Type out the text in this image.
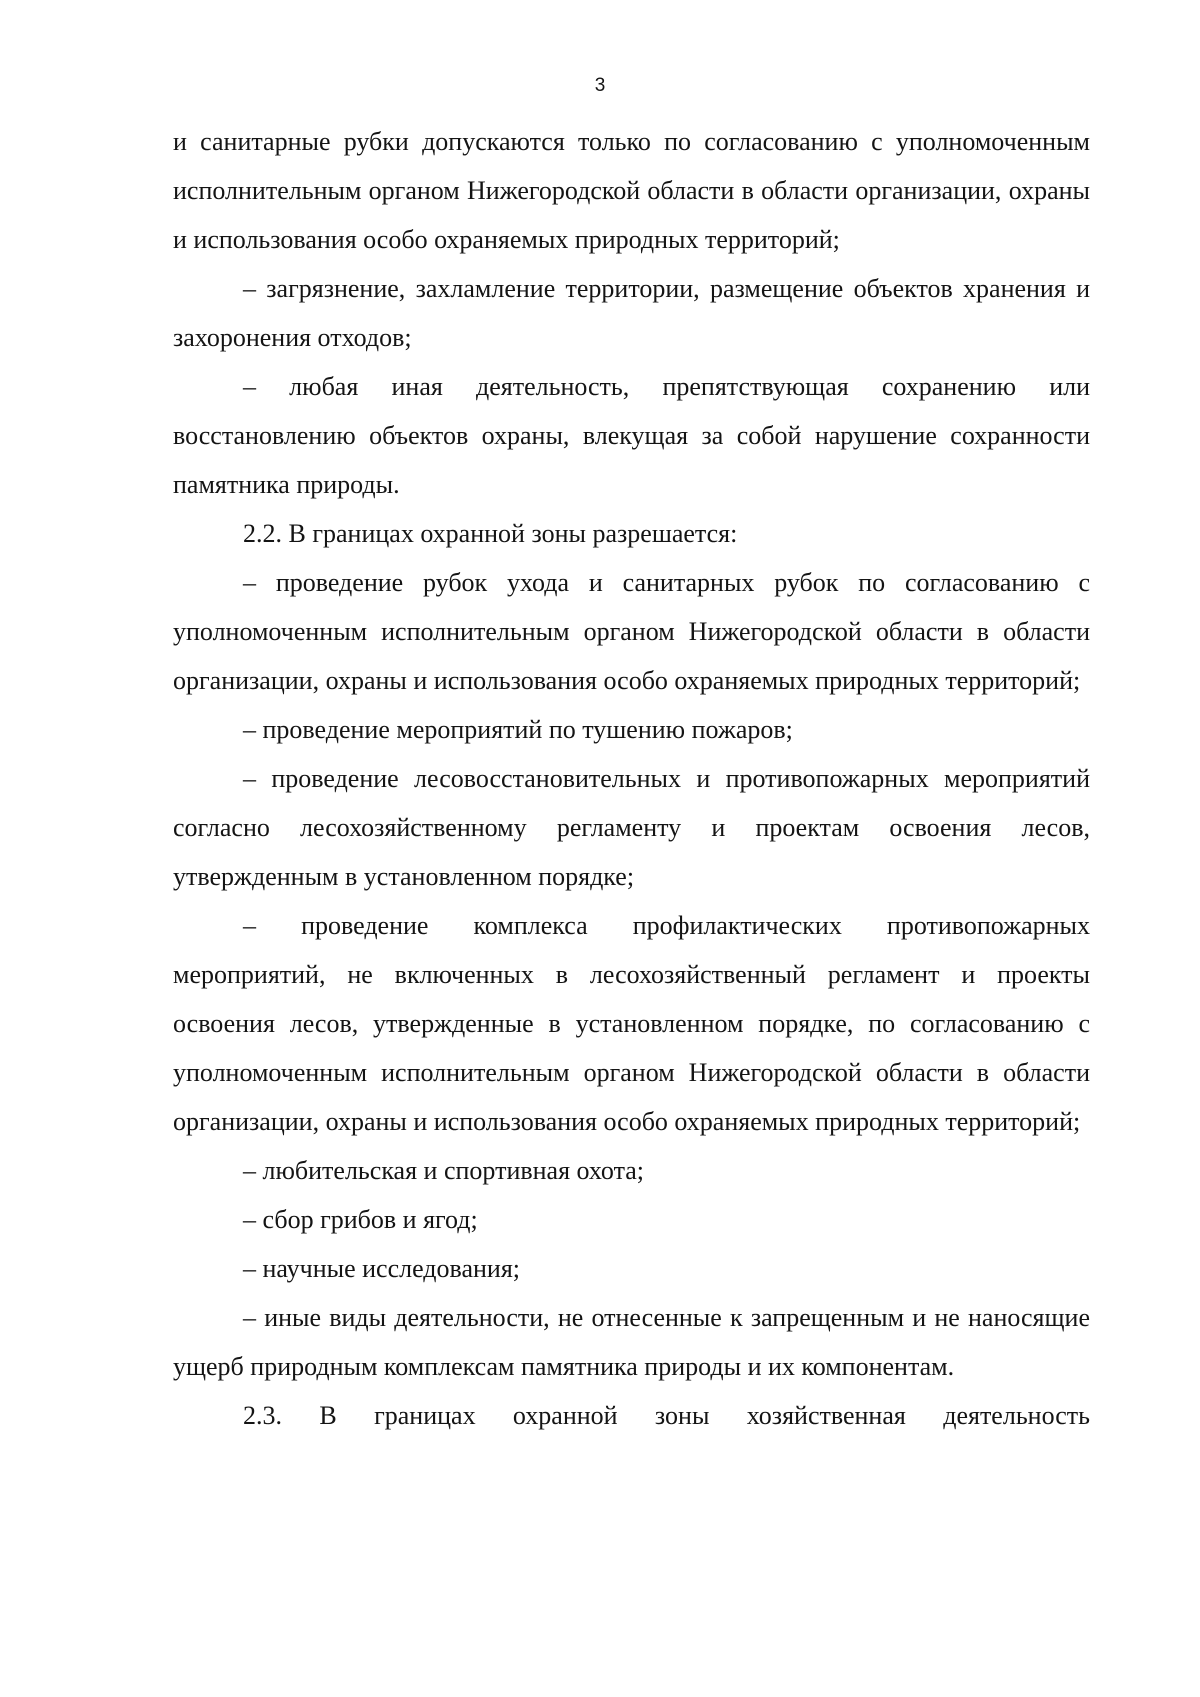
3

и санитарные рубки допускаются только по согласованию с уполномоченным исполнительным органом Нижегородской области в области организации, охраны и использования особо охраняемых природных территорий;

– загрязнение, захламление территории, размещение объектов хранения и захоронения отходов;

– любая иная деятельность, препятствующая сохранению или восстановлению объектов охраны, влекущая за собой нарушение сохранности памятника природы.

2.2. В границах охранной зоны разрешается:

– проведение рубок ухода и санитарных рубок по согласованию с уполномоченным исполнительным органом Нижегородской области в области организации, охраны и использования особо охраняемых природных территорий;

– проведение мероприятий по тушению пожаров;

– проведение лесовосстановительных и противопожарных мероприятий согласно лесохозяйственному регламенту и проектам освоения лесов, утвержденным в установленном порядке;

– проведение комплекса профилактических противопожарных мероприятий, не включенных в лесохозяйственный регламент и проекты освоения лесов, утвержденные в установленном порядке, по согласованию с уполномоченным исполнительным органом Нижегородской области в области организации, охраны и использования особо охраняемых природных территорий;

– любительская и спортивная охота;

– сбор грибов и ягод;

– научные исследования;

– иные виды деятельности, не отнесенные к запрещенным и не наносящие ущерб природным комплексам памятника природы и их компонентам.

2.3. В границах охранной зоны хозяйственная деятельность
